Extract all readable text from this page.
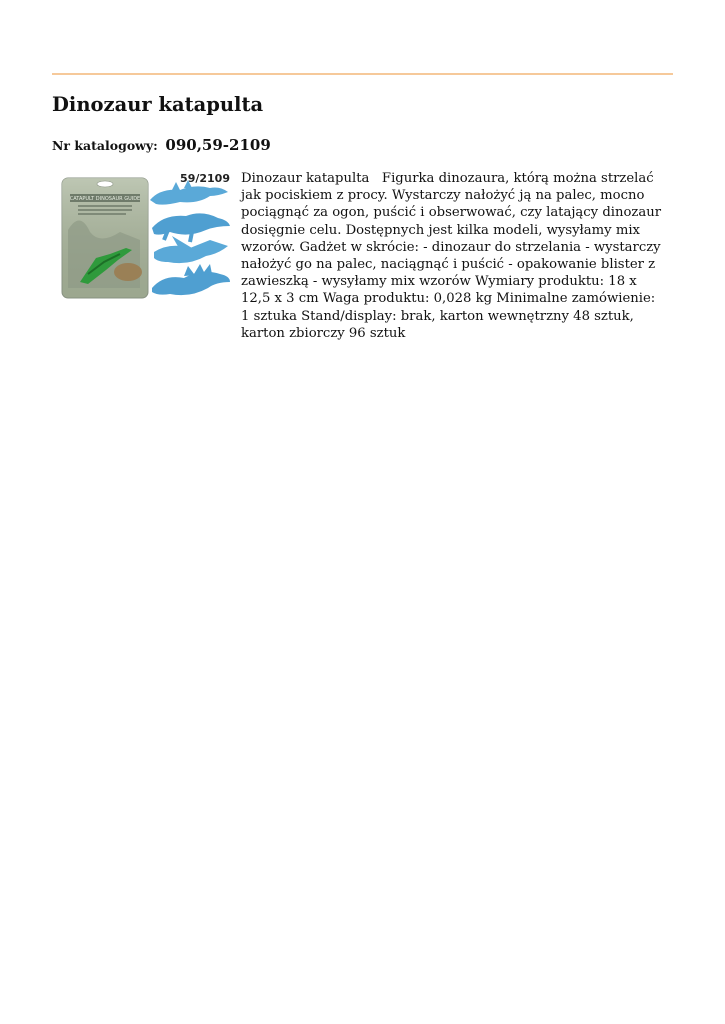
Dinozaur katapulta
Nr katalogowy: 090,59-2109
CATAPULT DINOSAUR GUIDE
59/2109 Dinozaur katapulta   Figurka dinozaura, którą można strzelać jak pociskiem z procy. Wystarczy nałożyć ją na palec, mocno pociągnąć za ogon, puścić i obserwować, czy latający dinozaur dosięgnie celu. Dostępnych jest kilka modeli, wysyłamy mix wzorów. Gadżet w skrócie: - dinozaur do strzelania - wystarczy nałożyć go na palec, naciągnąć i puścić - opakowanie blister z zawieszką - wysyłamy mix wzorów Wymiary produktu: 18 x 12,5 x 3 cm Waga produktu: 0,028 kg Minimalne zamówienie: 1 sztuka Stand/display: brak, karton wewnętrzny 48 sztuk, karton zbiorczy 96 sztuk
